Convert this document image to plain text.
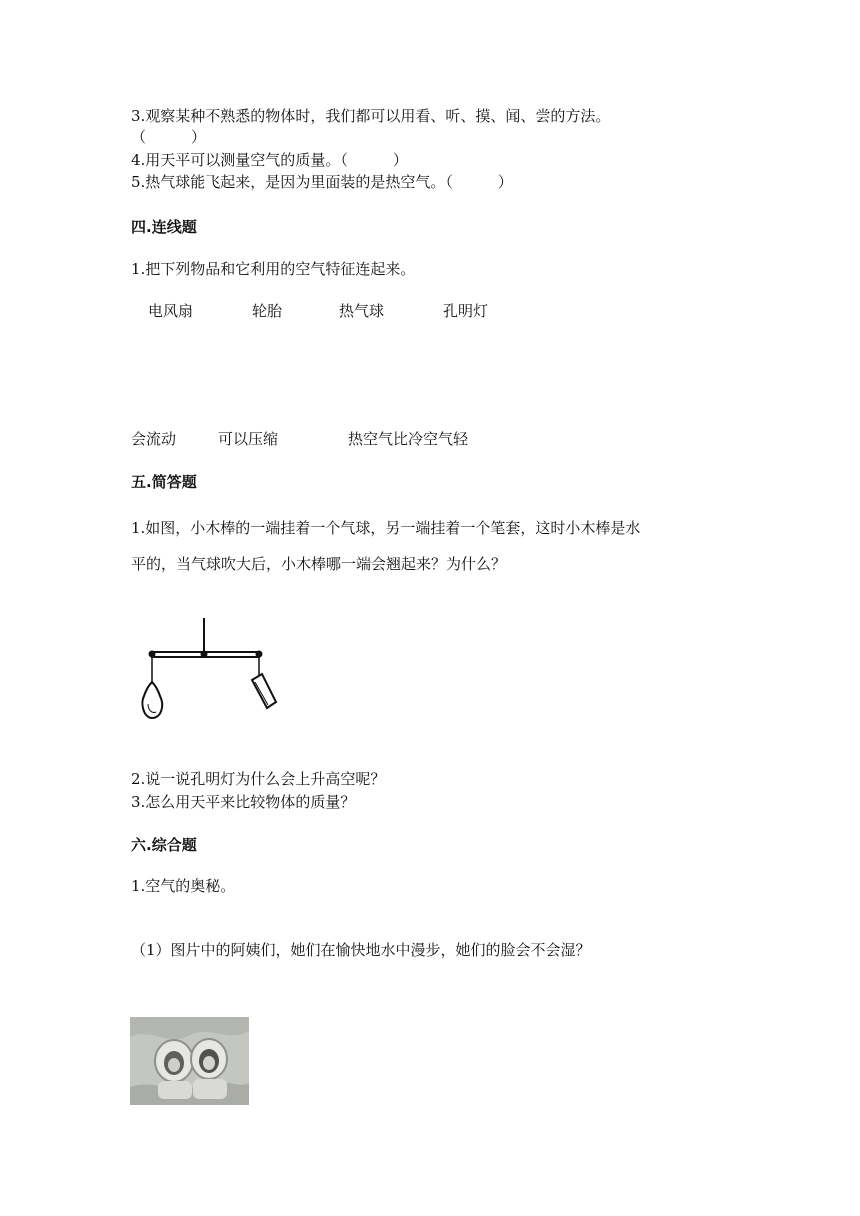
3.观察某种不熟悉的物体时，我们都可以用看、听、摸、闻、尝的方法。
（　　　）
4.用天平可以测量空气的质量。（　　　）
5.热气球能飞起来，是因为里面装的是热空气。（　　　）
四.连线题
1.把下列物品和它利用的空气特征连起来。
电风扇	轮胎	热气球	孔明灯
会流动	可以压缩	热空气比冷空气轻
五.简答题
1.如图，小木棒的一端挂着一个气球，另一端挂着一个笔套，这时小木棒是水
平的，当气球吹大后，小木棒哪一端会翘起来？为什么？
2.说一说孔明灯为什么会上升高空呢？
3.怎么用天平来比较物体的质量？
六.综合题
1.空气的奥秘。
（1）图片中的阿姨们，她们在愉快地水中漫步，她们的脸会不会湿？
